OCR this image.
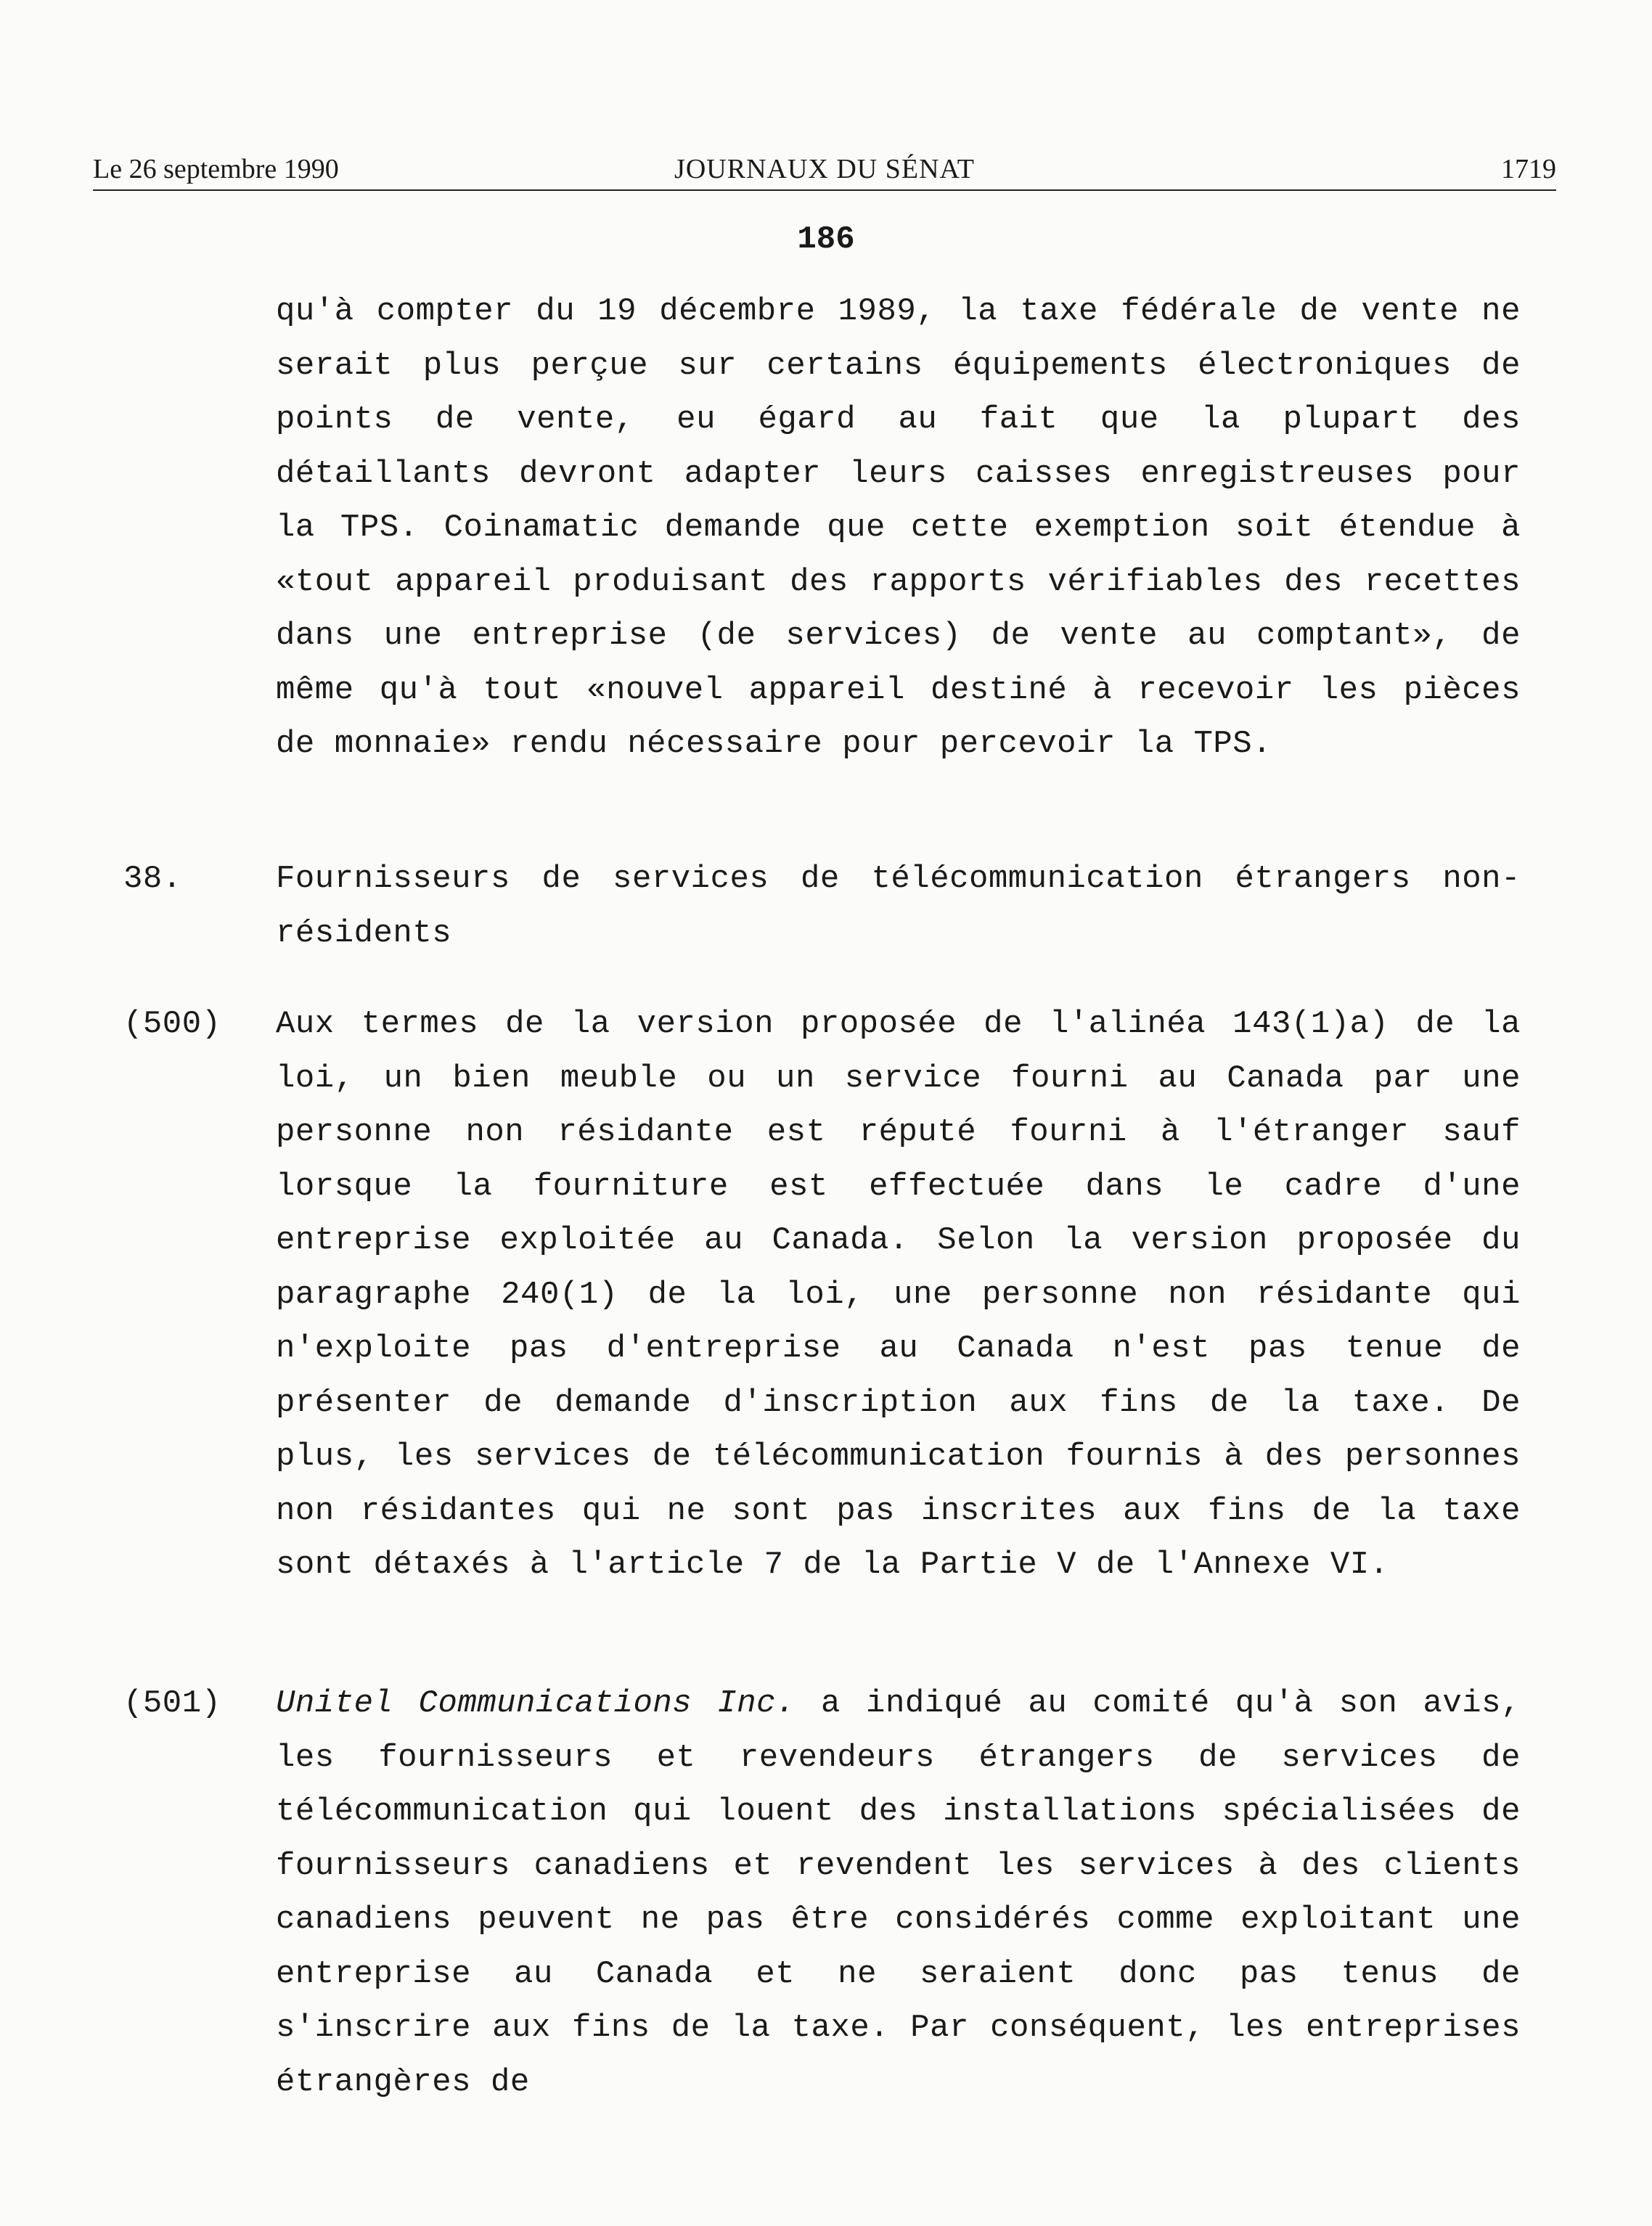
Le 26 septembre 1990	JOURNAUX DU SÉNAT	1719
186

qu'à compter du 19 décembre 1989, la taxe fédérale de vente ne serait plus perçue sur certains équipements électroniques de points de vente, eu égard au fait que la plupart des détaillants devront adapter leurs caisses enregistreuses pour la TPS. Coinamatic demande que cette exemption soit étendue à «tout appareil produisant des rapports vérifiables des recettes dans une entreprise (de services) de vente au comptant», de même qu'à tout «nouvel appareil destiné à recevoir les pièces de monnaie» rendu nécessaire pour percevoir la TPS.

38.	Fournisseurs de services de télécommunication étrangers non-résidents

(500) Aux termes de la version proposée de l'alinéa 143(1)a) de la loi, un bien meuble ou un service fourni au Canada par une personne non résidante est réputé fourni à l'étranger sauf lorsque la fourniture est effectuée dans le cadre d'une entreprise exploitée au Canada. Selon la version proposée du paragraphe 240(1) de la loi, une personne non résidante qui n'exploite pas d'entreprise au Canada n'est pas tenue de présenter de demande d'inscription aux fins de la taxe. De plus, les services de télécommunication fournis à des personnes non résidantes qui ne sont pas inscrites aux fins de la taxe sont détaxés à l'article 7 de la Partie V de l'Annexe VI.

(501) Unitel Communications Inc. a indiqué au comité qu'à son avis, les fournisseurs et revendeurs étrangers de services de télécommunication qui louent des installations spécialisées de fournisseurs canadiens et revendent les services à des clients canadiens peuvent ne pas être considérés comme exploitant une entreprise au Canada et ne seraient donc pas tenus de s'inscrire aux fins de la taxe. Par conséquent, les entreprises étrangères de
